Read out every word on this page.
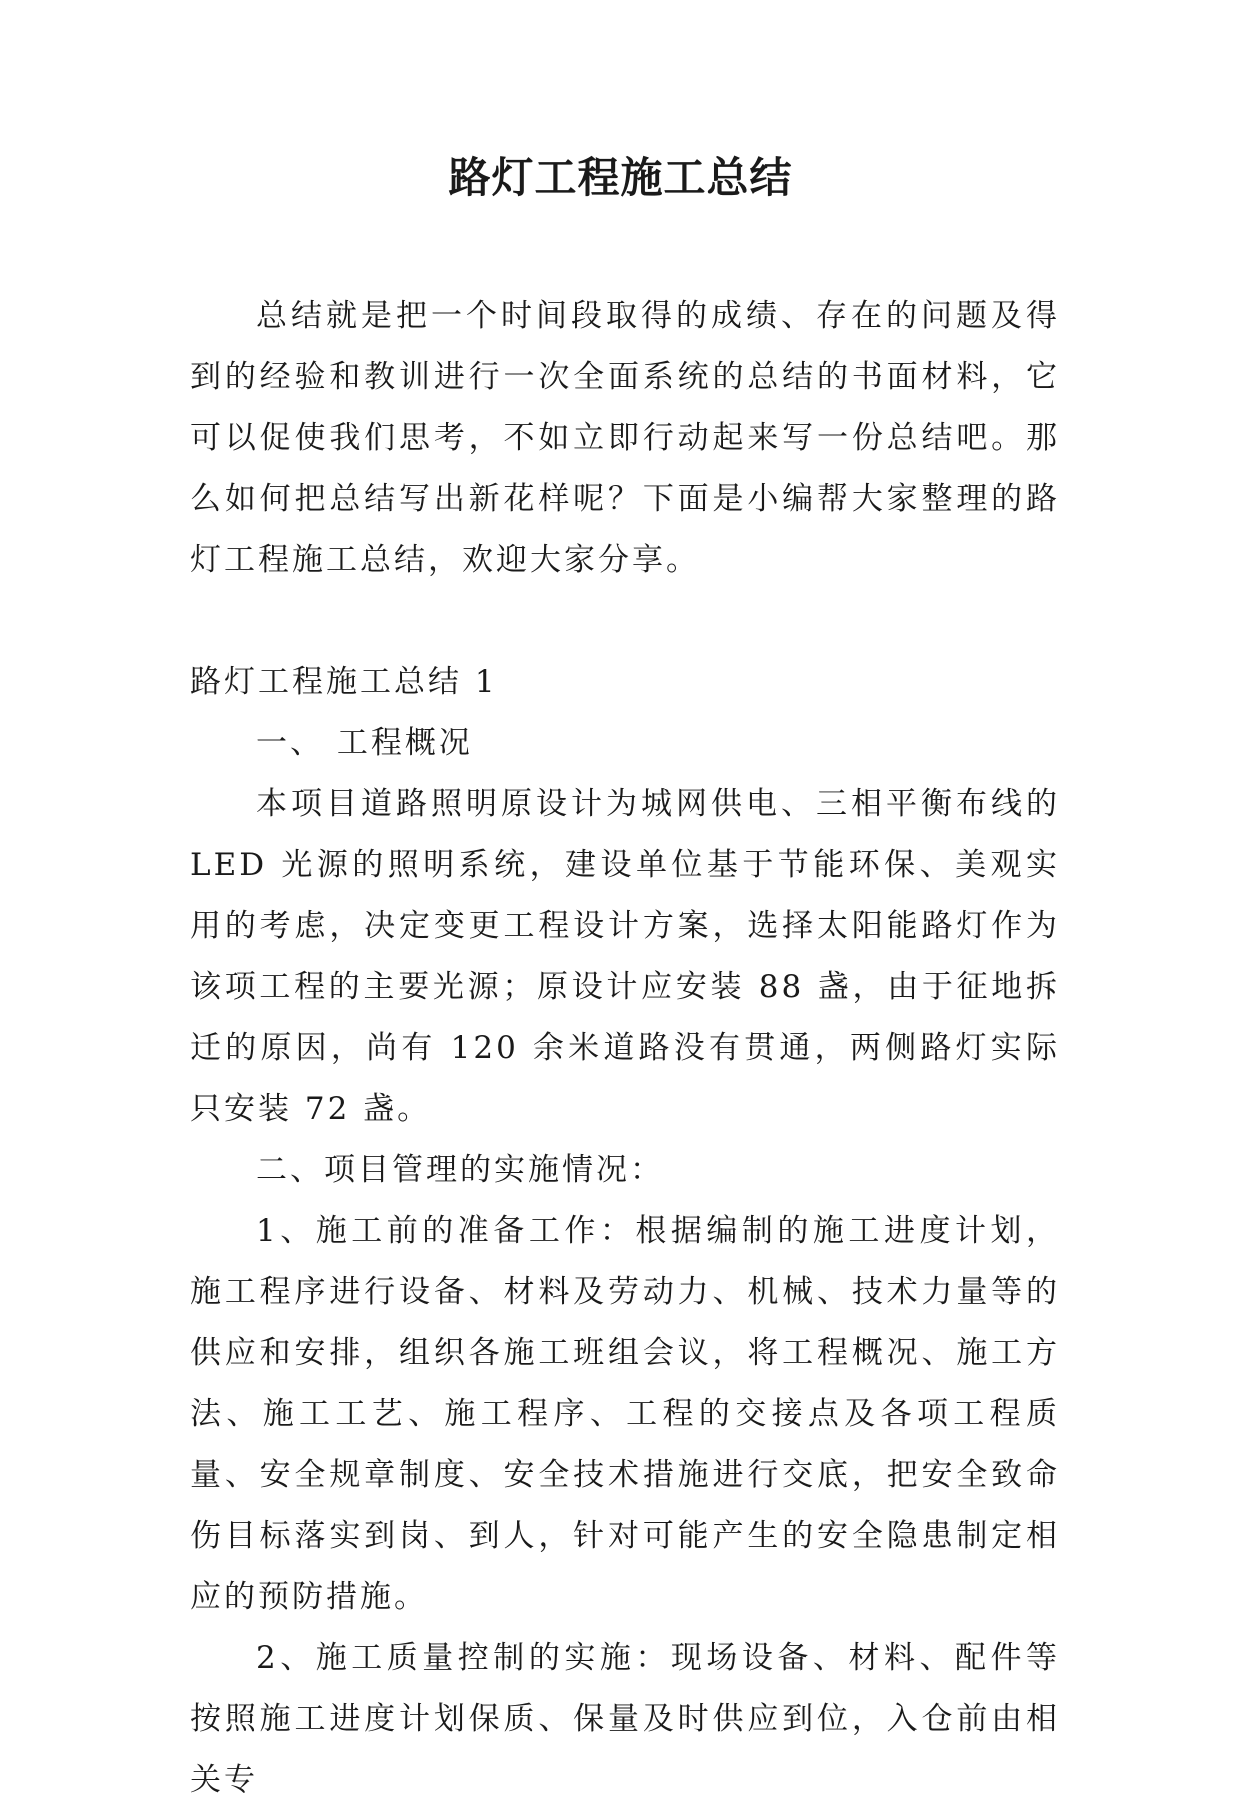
路灯工程施工总结

总结就是把一个时间段取得的成绩、存在的问题及得到的经验和教训进行一次全面系统的总结的书面材料，它可以促使我们思考，不如立即行动起来写一份总结吧。那么如何把总结写出新花样呢？下面是小编帮大家整理的路灯工程施工总结，欢迎大家分享。

路灯工程施工总结 1

一、 工程概况

本项目道路照明原设计为城网供电、三相平衡布线的 LED 光源的照明系统，建设单位基于节能环保、美观实用的考虑，决定变更工程设计方案，选择太阳能路灯作为该项工程的主要光源；原设计应安装 88 盏，由于征地拆迁的原因，尚有 120 余米道路没有贯通，两侧路灯实际只安装 72 盏。

二、项目管理的实施情况：

1、施工前的准备工作：根据编制的施工进度计划，施工程序进行设备、材料及劳动力、机械、技术力量等的供应和安排，组织各施工班组会议，将工程概况、施工方法、施工工艺、施工程序、工程的交接点及各项工程质量、安全规章制度、安全技术措施进行交底，把安全致命伤目标落实到岗、到人，针对可能产生的安全隐患制定相应的预防措施。

2、施工质量控制的实施：现场设备、材料、配件等按照施工进度计划保质、保量及时供应到位，入仓前由相关专
